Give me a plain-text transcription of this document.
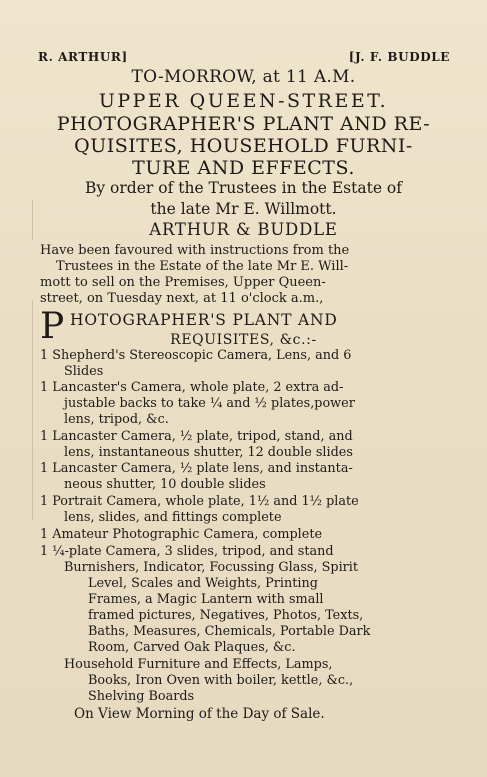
R. ARTHUR]	[J. F. BUDDLE
TO-MORROW, at 11 A.M.
UPPER QUEEN-STREET.
PHOTOGRAPHER'S PLANT AND RE-
QUISITES, HOUSEHOLD FURNI-
TURE AND EFFECTS.
By order of the Trustees in the Estate of
the late Mr E. Willmott.
ARTHUR & BUDDLE
Have been favoured with instructions from the
Trustees in the Estate of the late Mr E. Will-
mott to sell on the Premises, Upper Queen-
street, on Tuesday next, at 11 o'clock a.m.,
P HOTOGRAPHER'S PLANT AND
REQUISITES, &c.:-
1 Shepherd's Stereoscopic Camera, Lens, and 6
Slides
1 Lancaster's Camera, whole plate, 2 extra ad-
justable backs to take ¼ and ½ plates,power
lens, tripod, &c.
1 Lancaster Camera, ½ plate, tripod, stand, and
lens, instantaneous shutter, 12 double slides
1 Lancaster Camera, ½ plate lens, and instanta-
neous shutter, 10 double slides
1 Portrait Camera, whole plate, 1½ and 1½ plate
lens, slides, and fittings complete
1 Amateur Photographic Camera, complete
1 ¼-plate Camera, 3 slides, tripod, and stand
Burnishers, Indicator, Focussing Glass, Spirit
Level, Scales and Weights, Printing
Frames, a Magic Lantern with small
framed pictures, Negatives, Photos, Texts,
Baths, Measures, Chemicals, Portable Dark
Room, Carved Oak Plaques, &c.
Household Furniture and Effects, Lamps,
Books, Iron Oven with boiler, kettle, &c.,
Shelving Boards
On View Morning of the Day of Sale.
